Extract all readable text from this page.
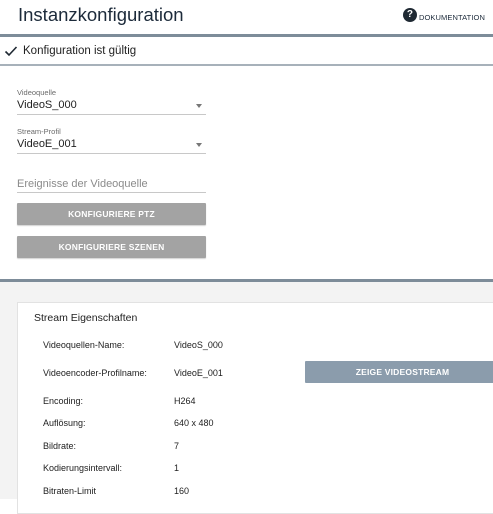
Instanzkonfiguration	? DOKUMENTATION
Konfiguration ist gültig
Videoquelle
VideoS_000
Stream-Profil
VideoE_001
Ereignisse der Videoquelle
KONFIGURIERE PTZ
KONFIGURIERE SZENEN
Stream Eigenschaften
Videoquellen-Name:	VideoS_000
Videoencoder-Profilname:	VideoE_001	ZEIGE VIDEOSTREAM
Encoding:	H264
Auflösung:	640 x 480
Bildrate:	7
Kodierungsintervall:	1
Bitraten-Limit	160
